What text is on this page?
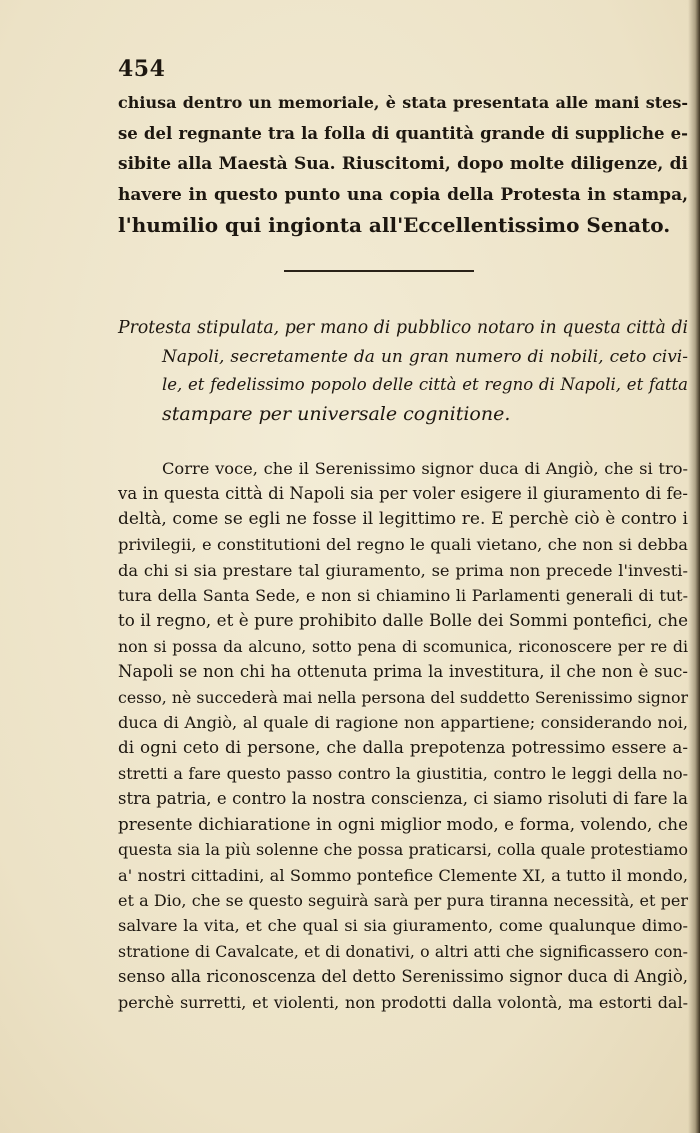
454
chiusa dentro un memoriale, è stata presentata alle mani stes-
se del regnante tra la folla di quantità grande di suppliche e-
sibite alla Maestà Sua. Riuscitomi, dopo molte diligenze, di
havere in questo punto una copia della Protesta in stampa,
l'humilio qui ingionta all'Eccellentissimo Senato.
Protesta stipulata, per mano di pubblico notaro in questa città di
Napoli, secretamente da un gran numero di nobili, ceto civi-
le, et fedelissimo popolo delle città et regno di Napoli, et fatta
stampare per universale cognitione.
Corre voce, che il Serenissimo signor duca di Angiò, che si tro-
va in questa città di Napoli sia per voler esigere il giuramento di fe-
deltà, come se egli ne fosse il legittimo re. E perchè ciò è contro i
privilegii, e constitutioni del regno le quali vietano, che non si debba
da chi si sia prestare tal giuramento, se prima non precede l'investi-
tura della Santa Sede, e non si chiamino li Parlamenti generali di tut-
to il regno, et è pure prohibito dalle Bolle dei Sommi pontefici, che
non si possa da alcuno, sotto pena di scomunica, riconoscere per re di
Napoli se non chi ha ottenuta prima la investitura, il che non è suc-
cesso, nè succederà mai nella persona del suddetto Serenissimo signor
duca di Angiò, al quale di ragione non appartiene; considerando noi,
di ogni ceto di persone, che dalla prepotenza potressimo essere a-
stretti a fare questo passo contro la giustitia, contro le leggi della no-
stra patria, e contro la nostra conscienza, ci siamo risoluti di fare la
presente dichiaratione in ogni miglior modo, e forma, volendo, che
questa sia la più solenne che possa praticarsi, colla quale protestiamo
a' nostri cittadini, al Sommo pontefice Clemente XI, a tutto il mondo,
et a Dio, che se questo seguirà sarà per pura tiranna necessità, et per
salvare la vita, et che qual si sia giuramento, come qualunque dimo-
stratione di Cavalcate, et di donativi, o altri atti che significassero con-
senso alla riconoscenza del detto Serenissimo signor duca di Angiò,
perchè surretti, et violenti, non prodotti dalla volontà, ma estorti dal-
